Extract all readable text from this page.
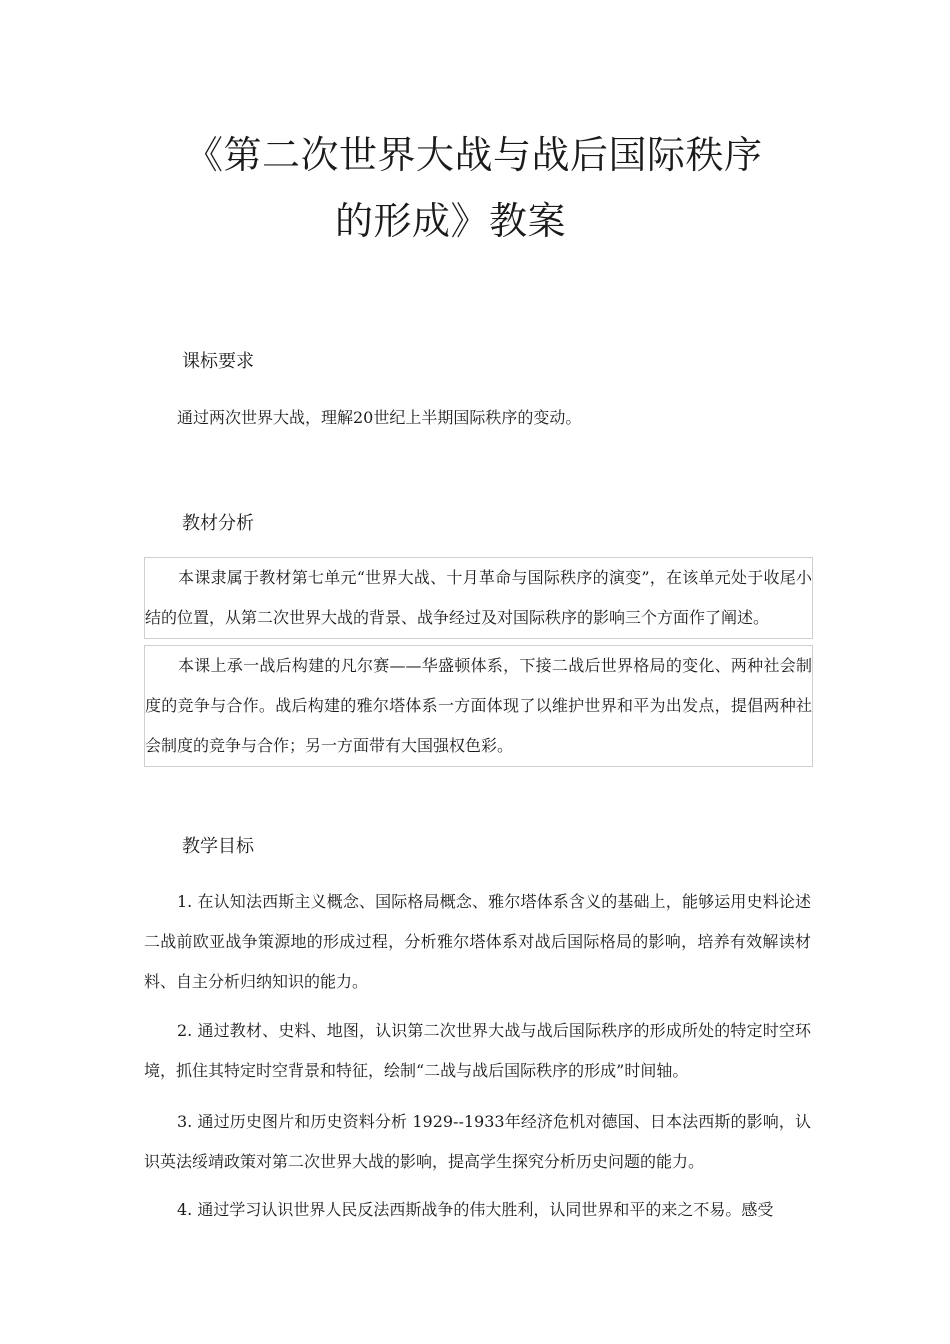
《第二次世界大战与战后国际秩序
的形成》教案
课标要求

通过两次世界大战，理解20世纪上半期国际秩序的变动。

教材分析

本课隶属于教材第七单元“世界大战、十月革命与国际秩序的演变”，在该单元处于收尾小结的位置，从第二次世界大战的背景、战争经过及对国际秩序的影响三个方面作了阐述。

本课上承一战后构建的凡尔赛——华盛顿体系，下接二战后世界格局的变化、两种社会制度的竞争与合作。战后构建的雅尔塔体系一方面体现了以维护世界和平为出发点，提倡两种社会制度的竞争与合作；另一方面带有大国强权色彩。

教学目标

1. 在认知法西斯主义概念、国际格局概念、雅尔塔体系含义的基础上，能够运用史料论述二战前欧亚战争策源地的形成过程，分析雅尔塔体系对战后国际格局的影响，培养有效解读材料、自主分析归纳知识的能力。

2. 通过教材、史料、地图，认识第二次世界大战与战后国际秩序的形成所处的特定时空环境，抓住其特定时空背景和特征，绘制“二战与战后国际秩序的形成”时间轴。

3. 通过历史图片和历史资料分析 1929--1933年经济危机对德国、日本法西斯的影响，认识英法绥靖政策对第二次世界大战的影响，提高学生探究分析历史问题的能力。

4. 通过学习认识世界人民反法西斯战争的伟大胜利，认同世界和平的来之不易。感受
